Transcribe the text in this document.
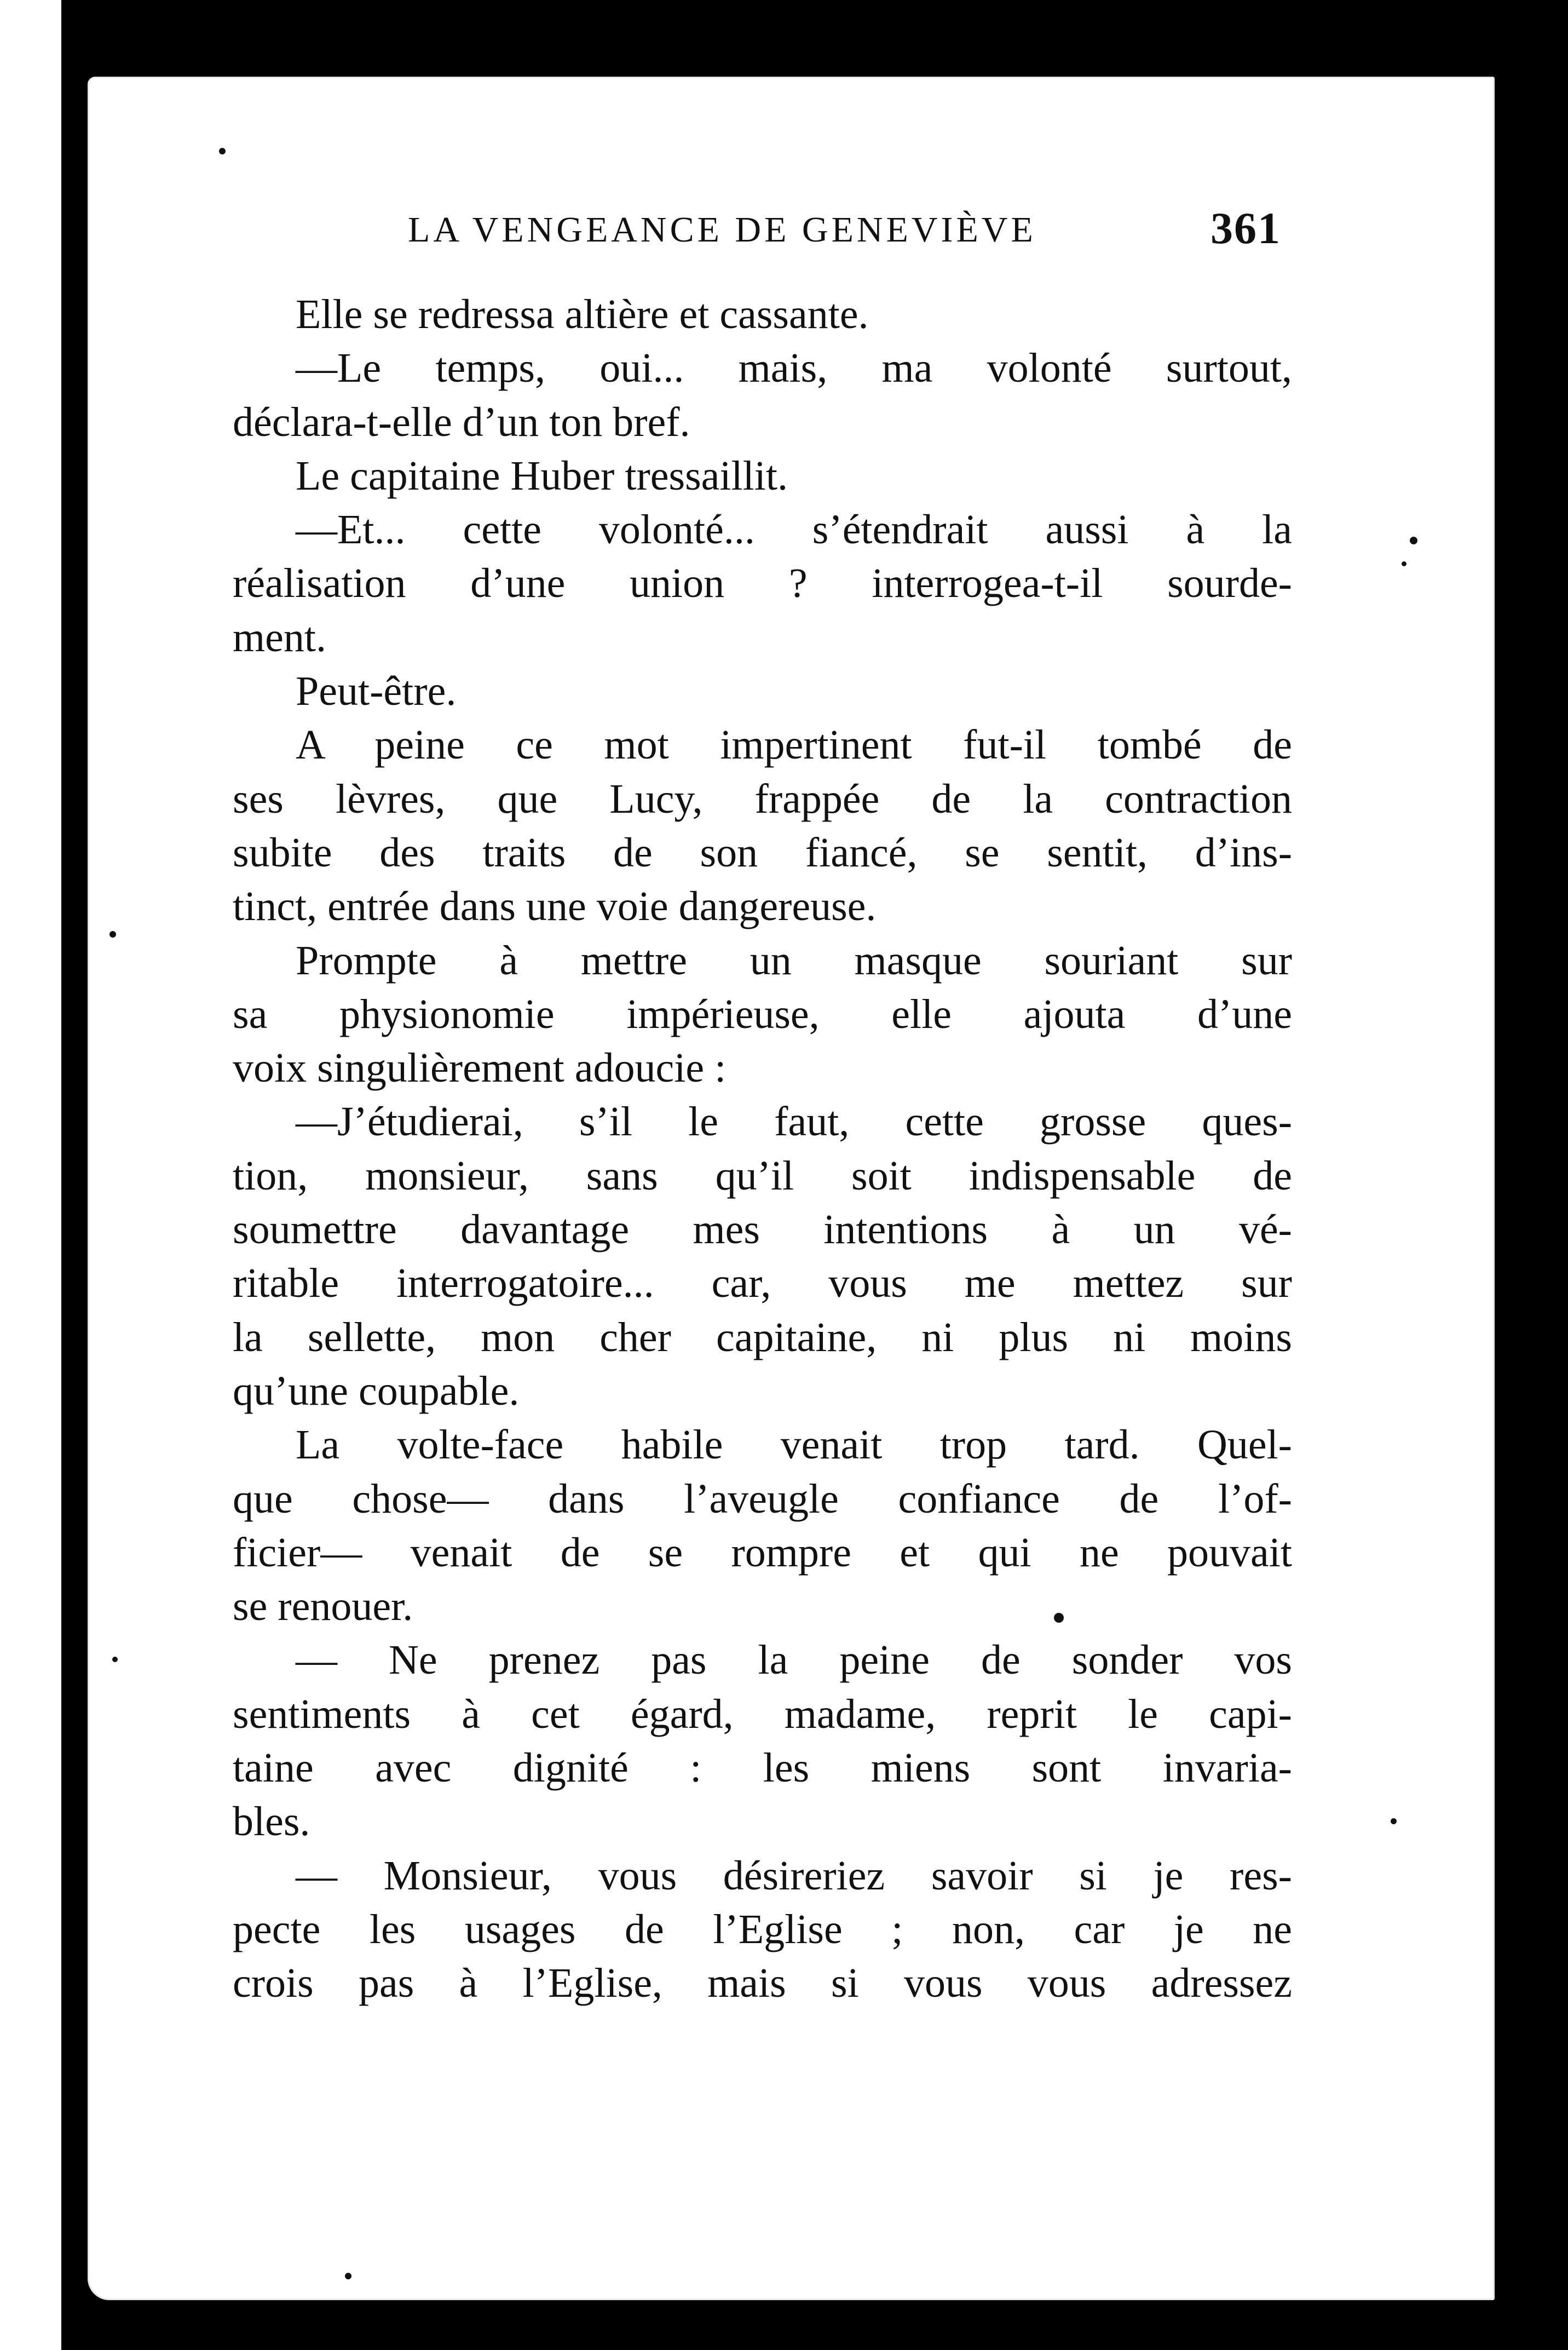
LA VENGEANCE DE GENEVIÈVE	361
Elle se redressa altière et cassante.
—Le temps, oui... mais, ma volonté surtout,
déclara-t-elle d’un ton bref.
Le capitaine Huber tressaillit.
—Et... cette volonté... s’étendrait aussi à la
réalisation d’une union ? interrogea-t-il sourde-
ment.
Peut-être.
A peine ce mot impertinent fut-il tombé de
ses lèvres, que Lucy, frappée de la contraction
subite des traits de son fiancé, se sentit, d’ins-
tinct, entrée dans une voie dangereuse.
Prompte à mettre un masque souriant sur
sa physionomie impérieuse, elle ajouta d’une
voix singulièrement adoucie :
—J’étudierai, s’il le faut, cette grosse ques-
tion, monsieur, sans qu’il soit indispensable de
soumettre davantage mes intentions à un vé-
ritable interrogatoire... car, vous me mettez sur
la sellette, mon cher capitaine, ni plus ni moins
qu’une coupable.
La volte-face habile venait trop tard. Quel-
que chose— dans l’aveugle confiance de l’of-
ficier— venait de se rompre et qui ne pouvait
se renouer.
— Ne prenez pas la peine de sonder vos
sentiments à cet égard, madame, reprit le capi-
taine avec dignité : les miens sont invaria-
bles.
— Monsieur, vous désireriez savoir si je res-
pecte les usages de l’Eglise ; non, car je ne
crois pas à l’Eglise, mais si vous vous adressez
